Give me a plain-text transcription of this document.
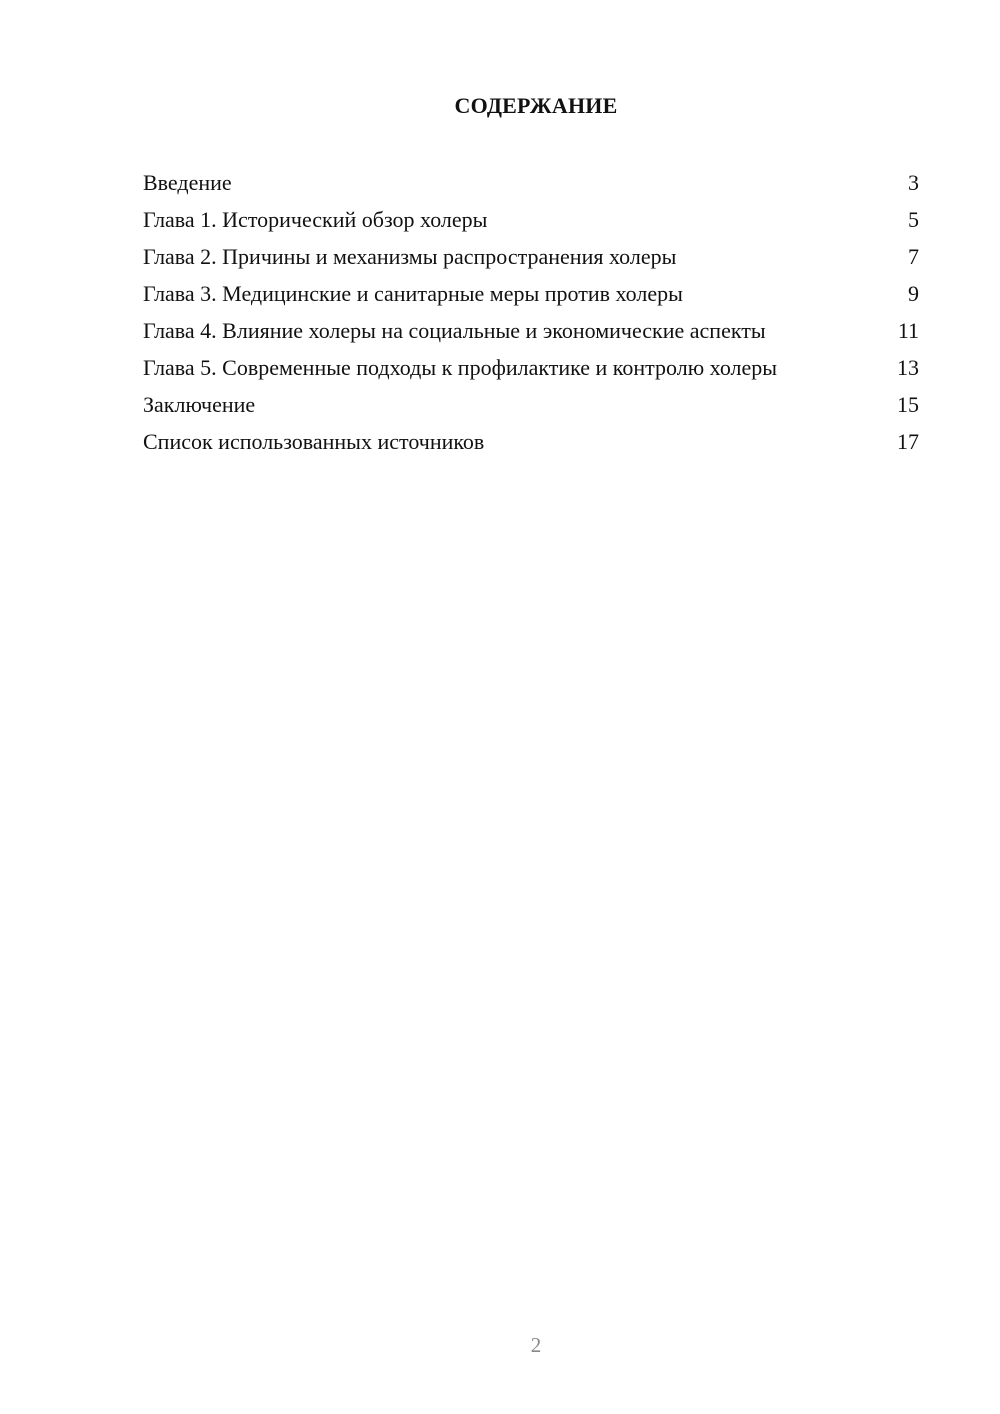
СОДЕРЖАНИЕ
Введение	3
Глава 1. Исторический обзор холеры	5
Глава 2. Причины и механизмы распространения холеры	7
Глава 3. Медицинские и санитарные меры против холеры	9
Глава 4. Влияние холеры на социальные и экономические аспекты	11
Глава 5. Современные подходы к профилактике и контролю холеры	13
Заключение	15
Список использованных источников	17
2
